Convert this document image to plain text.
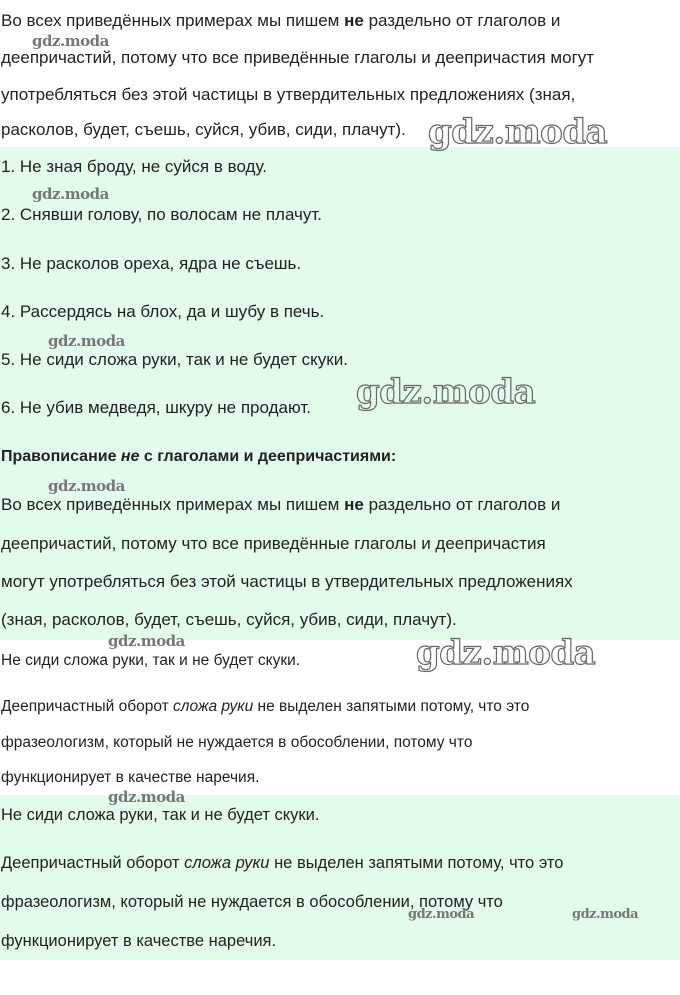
Во всех приведённых примерах мы пишем не раздельно от глаголов и
деепричастий, потому что все приведённые глаголы и деепричастия могут
употребляться без этой частицы в утвердительных предложениях (зная,
расколов, будет, съешь, суйся, убив, сиди, плачут).
1. Не зная броду, не суйся в воду.
2. Снявши голову, по волосам не плачут.
3. Не расколов ореха, ядра не съешь.
4. Рассердясь на блох, да и шубу в печь.
5. Не сиди сложа руки, так и не будет скуки.
6. Не убив медведя, шкуру не продают.
Правописание не с глаголами и деепричастиями:
Во всех приведённых примерах мы пишем не раздельно от глаголов и
деепричастий, потому что все приведённые глаголы и деепричастия
могут употребляться без этой частицы в утвердительных предложениях
(зная, расколов, будет, съешь, суйся, убив, сиди, плачут).
Не сиди сложа руки, так и не будет скуки.
Деепричастный оборот сложа руки не выделен запятыми потому, что это
фразеологизм, который не нуждается в обособлении, потому что
функционирует в качестве наречия.
Не сиди сложа руки, так и не будет скуки.
Деепричастный оборот сложа руки не выделен запятыми потому, что это
фразеологизм, который не нуждается в обособлении, потому что
функционирует в качестве наречия.
gdz.moda
gdz.moda
gdz.moda
gdz.moda
gdz.moda
gdz.moda
gdz.moda	gdz.moda
gdz.moda
gdz.moda	gdz.moda
